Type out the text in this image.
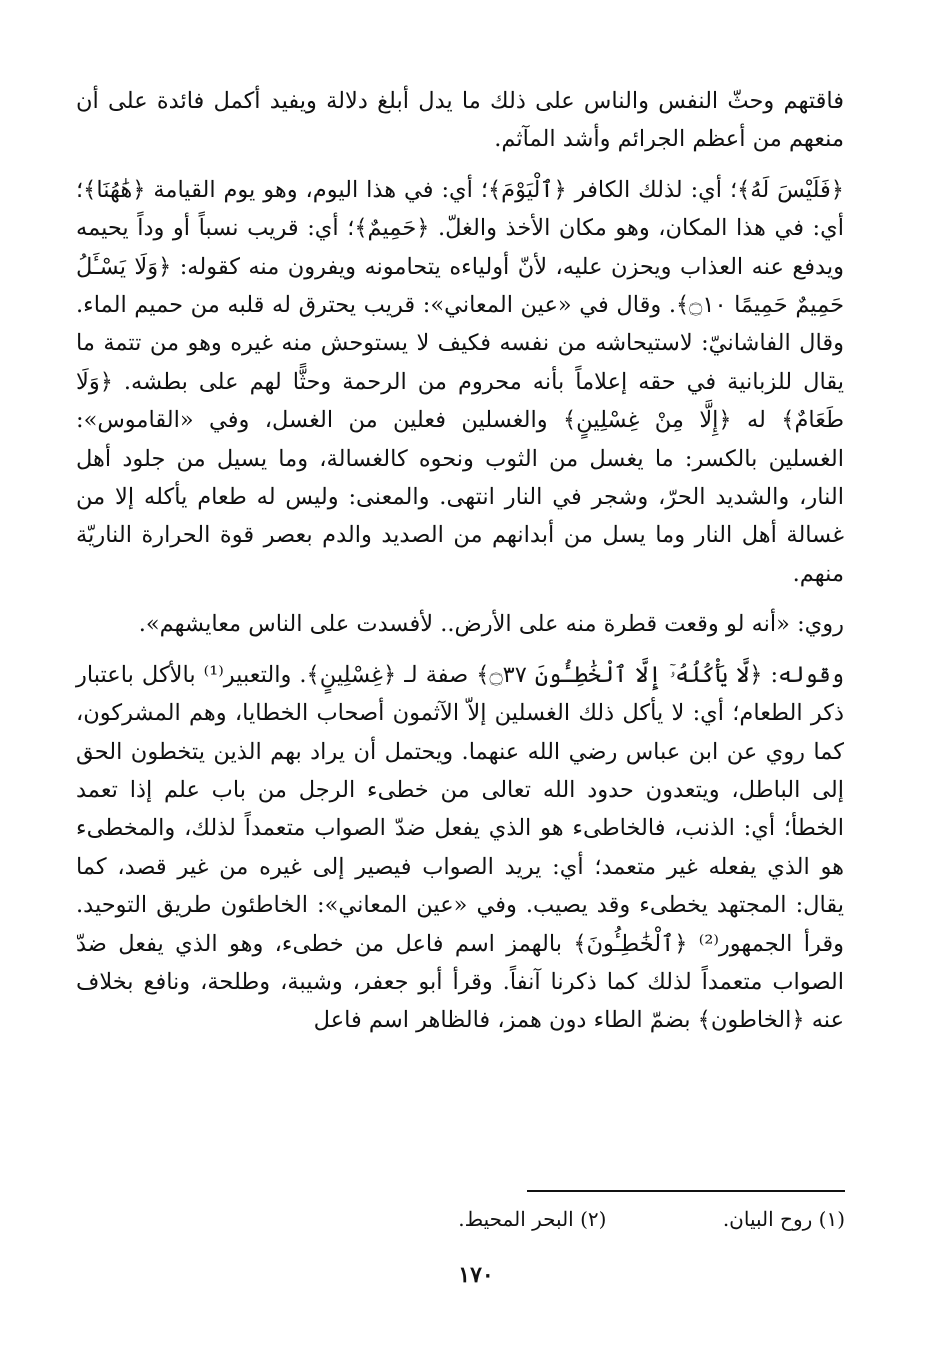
فاقتهم وحثّ النفس والناس على ذلك ما يدل أبلغ دلالة ويفيد أكمل فائدة على أن منعهم من أعظم الجرائم وأشد المآثم.

﴿فَلَيْسَ لَهُ﴾؛ أي: لذلك الكافر ﴿ٱلْيَوْمَ﴾؛ أي: في هذا اليوم، وهو يوم القيامة ﴿هَٰهُنَا﴾؛ أي: في هذا المكان، وهو مكان الأخذ والغلّ. ﴿حَمِيمٌ﴾؛ أي: قريب نسباً أو وداً يحيمه ويدفع عنه العذاب ويحزن عليه، لأنّ أولياءه يتحامونه ويفرون منه كقوله: ﴿وَلَا يَسْـَٔلُ حَمِيمٌ حَمِيمًا ۝١٠﴾. وقال في «عين المعاني»: قريب يحترق له قلبه من حميم الماء. وقال الفاشانيّ: لاستيحاشه من نفسه فكيف لا يستوحش منه غيره وهو من تتمة ما يقال للزبانية في حقه إعلاماً بأنه محروم من الرحمة وحثًّا لهم على بطشه. ﴿وَلَا طَعَامٌ﴾ له ﴿إِلَّا مِنْ غِسْلِينٍ﴾ والغسلين فعلين من الغسل، وفي «القاموس»: الغسلين بالكسر: ما يغسل من الثوب ونحوه كالغسالة، وما يسيل من جلود أهل النار، والشديد الحرّ، وشجر في النار انتهى. والمعنى: وليس له طعام يأكله إلا من غسالة أهل النار وما يسل من أبدانهم من الصديد والدم بعصر قوة الحرارة الناريّة منهم.

روي: «أنه لو وقعت قطرة منه على الأرض.. لأفسدت على الناس معايشهم».

وقوله: ﴿لَّا يَأْكُلُهُۥٓ إِلَّا ٱلْخَٰطِـُٔونَ ۝٣٧﴾ صفة لـ ﴿غِسْلِينٍ﴾. والتعبير⁽¹⁾ بالأكل باعتبار ذكر الطعام؛ أي: لا يأكل ذلك الغسلين إلاّ الآثمون أصحاب الخطايا، وهم المشركون، كما روي عن ابن عباس رضي الله عنهما. ويحتمل أن يراد بهم الذين يتخطون الحق إلى الباطل، ويتعدون حدود الله تعالى من خطىء الرجل من باب علم إذا تعمد الخطأ؛ أي: الذنب، فالخاطىء هو الذي يفعل ضدّ الصواب متعمداً لذلك، والمخطىء هو الذي يفعله غير متعمد؛ أي: يريد الصواب فيصير إلى غيره من غير قصد، كما يقال: المجتهد يخطىء وقد يصيب. وفي «عين المعاني»: الخاطئون طريق التوحيد. وقرأ الجمهور⁽²⁾ ﴿ٱلْخَٰطِـُٔونَ﴾ بالهمز اسم فاعل من خطىء، وهو الذي يفعل ضدّ الصواب متعمداً لذلك كما ذكرنا آنفاً. وقرأ أبو جعفر، وشيبة، وطلحة، ونافع بخلاف عنه ﴿الخاطون﴾ بضمّ الطاء دون همز، فالظاهر اسم فاعل

(١) روح البيان. (٢) البحر المحيط.
١٧٠
